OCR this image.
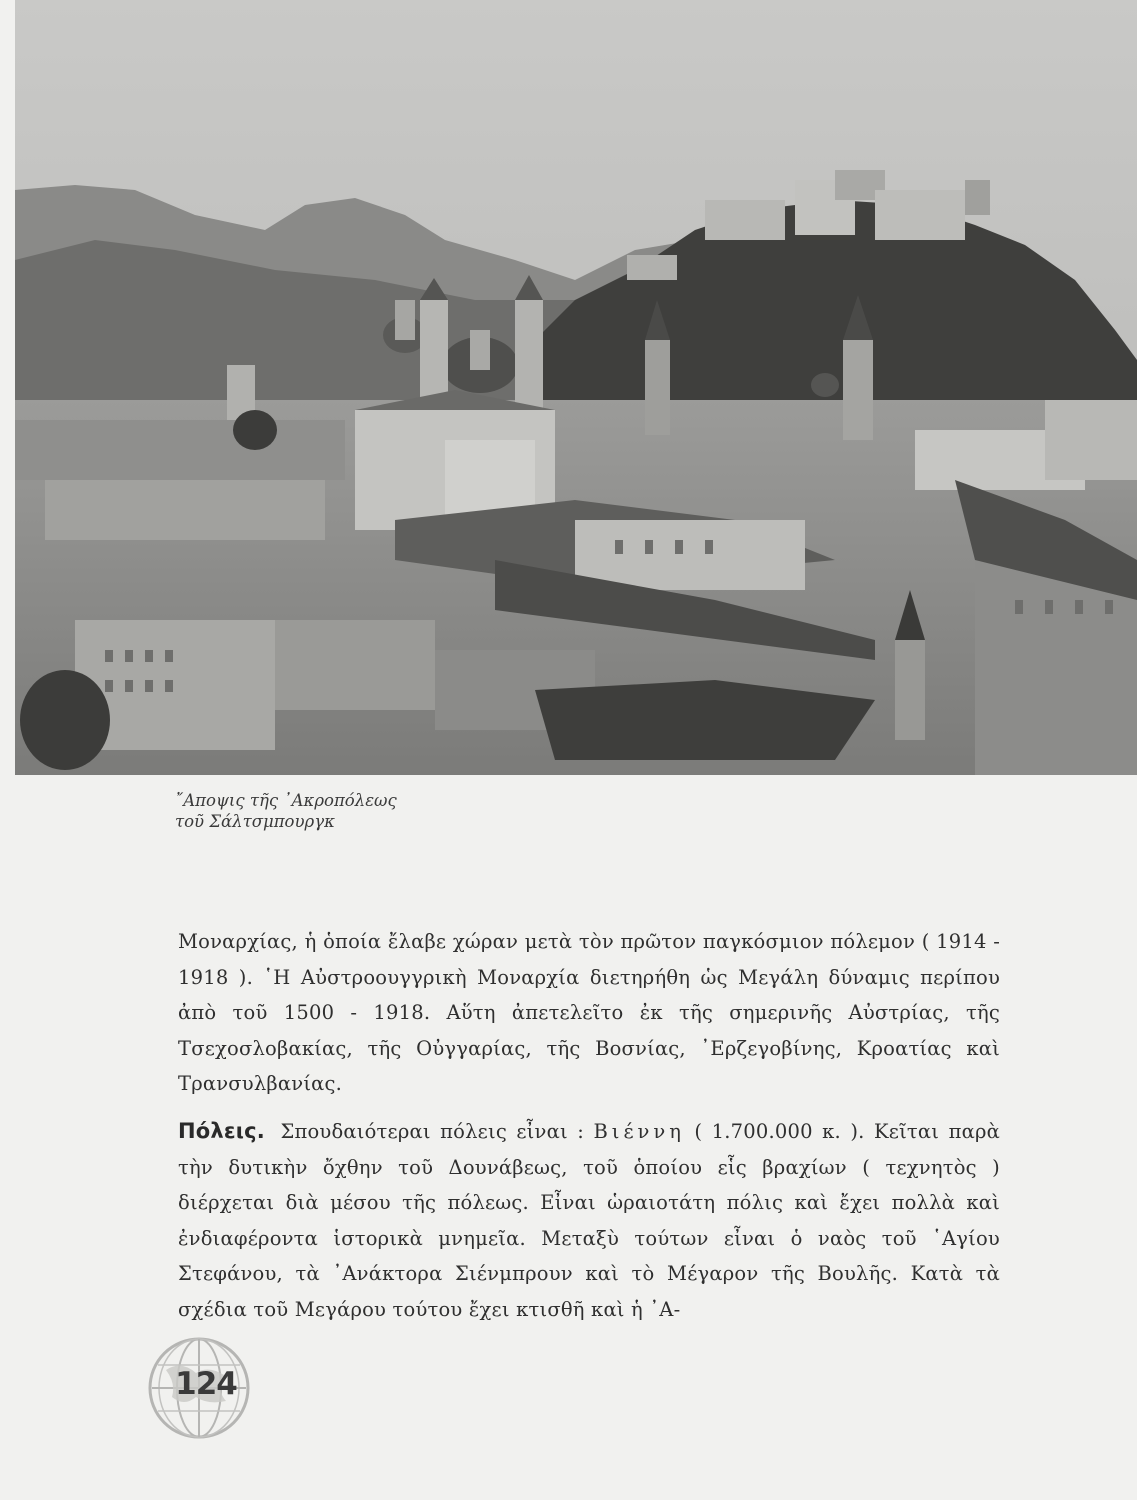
῎Αποψις τῆς ᾿Ακροπόλεως
τοῦ Σάλτσμπουργκ

Μοναρχίας, ἡ ὁποία ἔλαβε χώραν μετὰ τὸν πρῶτον παγκόσμιον πόλεμον ( 1914 - 1918 ). ῾Η Αὐστροουγγρικὴ Μοναρχία διετηρήθη ὡς Μεγάλη δύναμις περίπου ἀπὸ τοῦ 1500 - 1918. Αὕτη ἀπετελεῖτο ἐκ τῆς σημερινῆς Αὐστρίας, τῆς Τσεχοσλοβακίας, τῆς Οὐγγαρίας, τῆς Βοσνίας, ᾿Ερζεγοβίνης, Κροατίας καὶ Τρανσυλβανίας.

Πόλεις. Σπουδαιότεραι πόλεις εἶναι : Βιέννη ( 1.700.000 κ. ). Κεῖται παρὰ τὴν δυτικὴν ὄχθην τοῦ Δουνάβεως, τοῦ ὁποίου εἷς βραχίων ( τεχνητὸς ) διέρχεται διὰ μέσου τῆς πόλεως. Εἶναι ὡραιοτάτη πόλις καὶ ἔχει πολλὰ καὶ ἐνδιαφέροντα ἱστορικὰ μνημεῖα. Μεταξὺ τούτων εἶναι ὁ ναὸς τοῦ ῾Αγίου Στεφάνου, τὰ ᾿Ανάκτορα Σιένμπρουν καὶ τὸ Μέγαρον τῆς Βουλῆς. Κατὰ τὰ σχέδια τοῦ Μεγάρου τούτου ἔχει κτισθῆ καὶ ἡ ᾿Α-

124
